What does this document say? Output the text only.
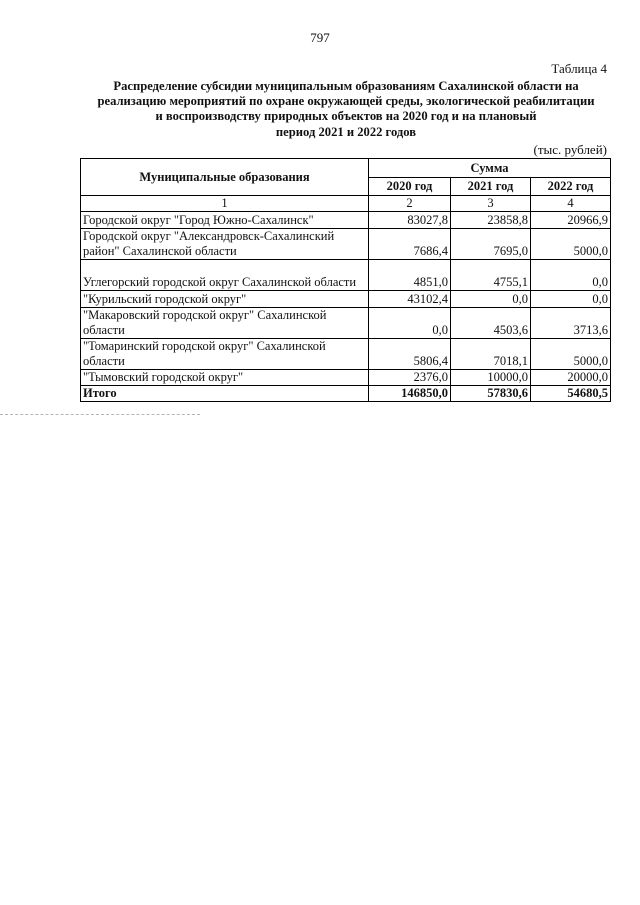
797
Таблица 4
Распределение субсидии муниципальным образованиям Сахалинской области на
реализацию мероприятий по охране окружающей среды, экологической реабилитации
и воспроизводству природных объектов на 2020 год и на плановый
период 2021 и 2022 годов
(тыс. рублей)
Муниципальные образования	Сумма		
	2020 год	2021 год	2022 год
1	2	3	4
Городской округ "Город Южно-Сахалинск"	83027,8	23858,8	20966,9
Городской округ "Александровск-Сахалинский район" Сахалинской области	7686,4	7695,0	5000,0
Углегорский городской округ Сахалинской области	4851,0	4755,1	0,0
"Курильский городской округ"	43102,4	0,0	0,0
"Макаровский городской округ" Сахалинской области	0,0	4503,6	3713,6
"Томаринский городской округ" Сахалинской области	5806,4	7018,1	5000,0
"Тымовский городской округ"	2376,0	10000,0	20000,0
Итого	146850,0	57830,6	54680,5
